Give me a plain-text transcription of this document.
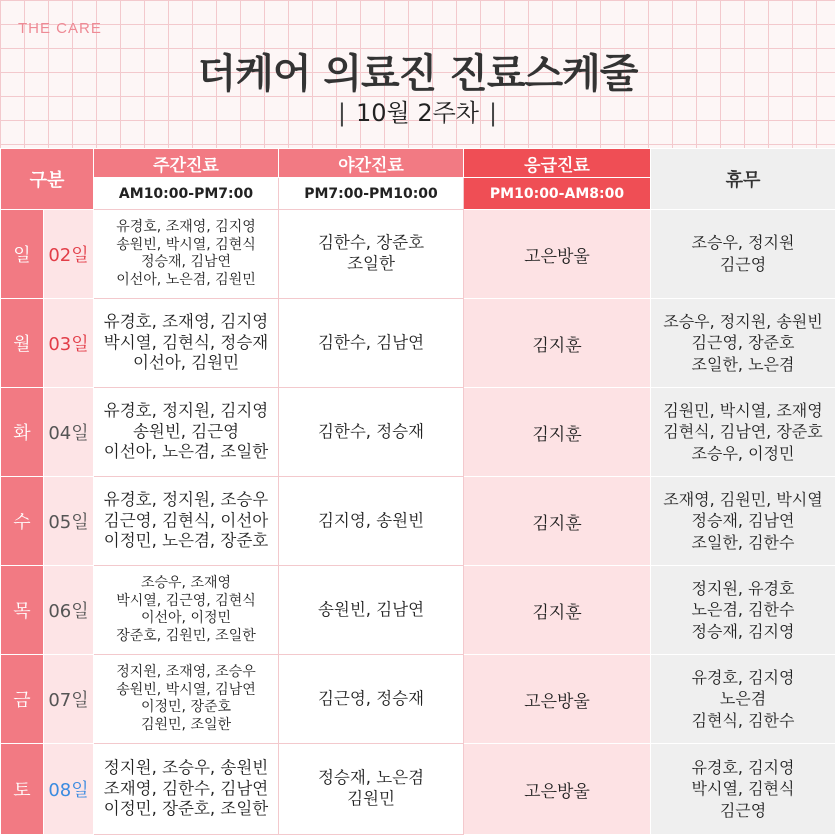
THE CARE
더케어 의료진 진료스케줄
| 10월 2주차 |
구분		주간진료	야간진료	응급진료	휴무
		AM10:00-PM7:00	PM7:00-PM10:00	PM10:00-AM8:00	
일	02일	유경호, 조재영, 김지영
송원빈, 박시열, 김현식
정승재, 김남연
이선아, 노은겸, 김원민	김한수, 장준호
조일한	고은방울	조승우, 정지원
김근영

월	03일	유경호, 조재영, 김지영
박시열, 김현식, 정승재
이선아, 김원민	김한수, 김남연	김지훈	조승우, 정지원, 송원빈
김근영, 장준호
조일한, 노은겸

화	04일	유경호, 정지원, 김지영
송원빈, 김근영
이선아, 노은겸, 조일한	김한수, 정승재	김지훈	김원민, 박시열, 조재영
김현식, 김남연, 장준호
조승우, 이정민

수	05일	유경호, 정지원, 조승우
김근영, 김현식, 이선아
이정민, 노은겸, 장준호	김지영, 송원빈	김지훈	조재영, 김원민, 박시열
정승재, 김남연
조일한, 김한수

목	06일	조승우, 조재영
박시열, 김근영, 김현식
이선아, 이정민
장준호, 김원민, 조일한	송원빈, 김남연	김지훈	정지원, 유경호
노은겸, 김한수
정승재, 김지영

금	07일	정지원, 조재영, 조승우
송원빈, 박시열, 김남연
이정민, 장준호
김원민, 조일한	김근영, 정승재	고은방울	유경호, 김지영
노은겸
김현식, 김한수

토	08일	정지원, 조승우, 송원빈
조재영, 김한수, 김남연
이정민, 장준호, 조일한	정승재, 노은겸
김원민	고은방울	유경호, 김지영
박시열, 김현식
김근영
